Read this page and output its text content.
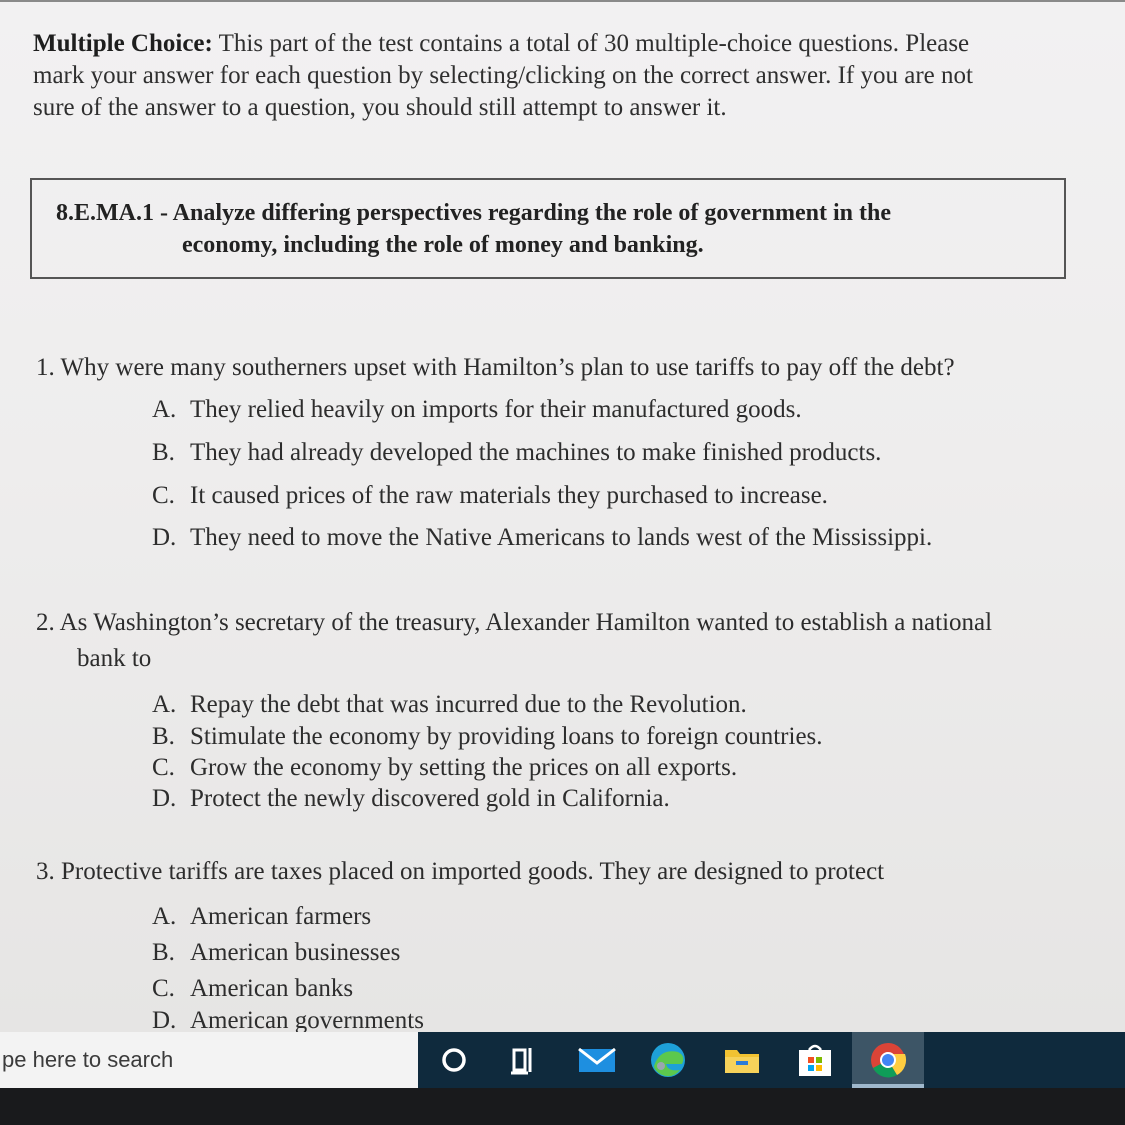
Multiple Choice: This part of the test contains a total of 30 multiple-choice questions. Please
mark your answer for each question by selecting/clicking on the correct answer. If you are not
sure of the answer to a question, you should still attempt to answer it.
8.E.MA.1 - Analyze differing perspectives regarding the role of government in the
economy, including the role of money and banking.
1. Why were many southerners upset with Hamilton’s plan to use tariffs to pay off the debt?
A. They relied heavily on imports for their manufactured goods.
B. They had already developed the machines to make finished products.
C. It caused prices of the raw materials they purchased to increase.
D. They need to move the Native Americans to lands west of the Mississippi.
2. As Washington’s secretary of the treasury, Alexander Hamilton wanted to establish a national
bank to
A. Repay the debt that was incurred due to the Revolution.
B. Stimulate the economy by providing loans to foreign countries.
C. Grow the economy by setting the prices on all exports.
D. Protect the newly discovered gold in California.
3. Protective tariffs are taxes placed on imported goods. They are designed to protect
A. American farmers
B. American businesses
C. American banks
D. American governments
pe here to search
